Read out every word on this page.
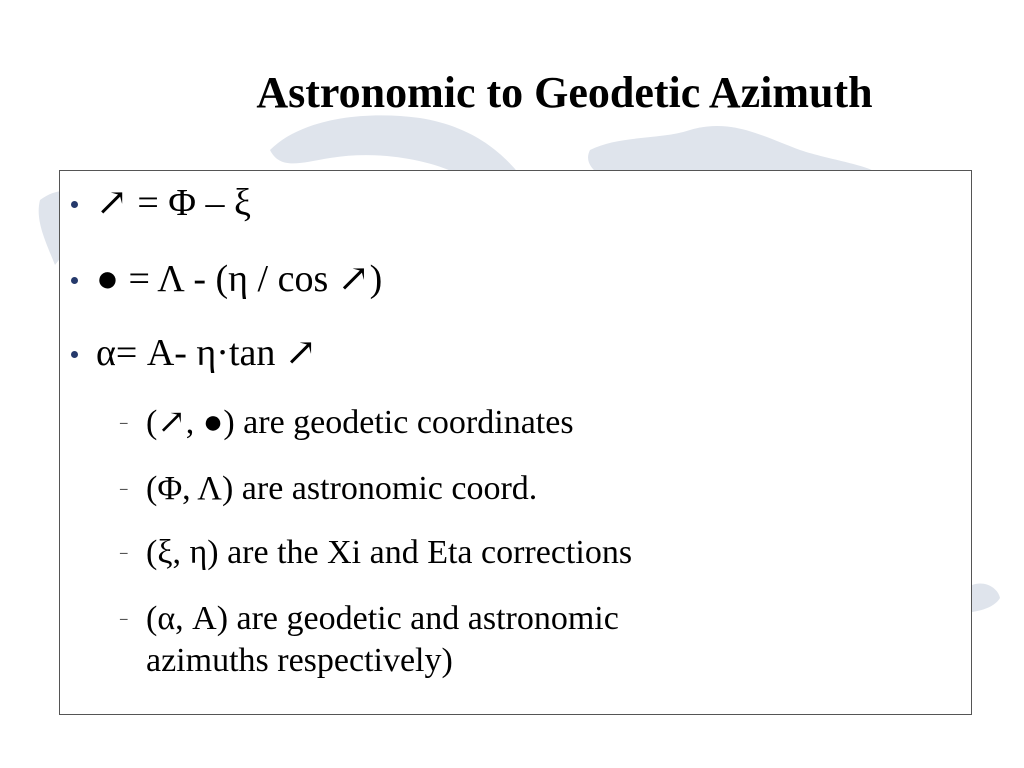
Astronomic to Geodetic Azimuth
↗ = Φ – ξ
● = Λ - (η / cos ↗)
α= A- η·tan ↗
– (↗, ●) are geodetic coordinates
– (Φ, Λ) are astronomic coord.
– (ξ, η) are the Xi and Eta corrections
– (α, A) are geodetic and astronomic
azimuths respectively)
